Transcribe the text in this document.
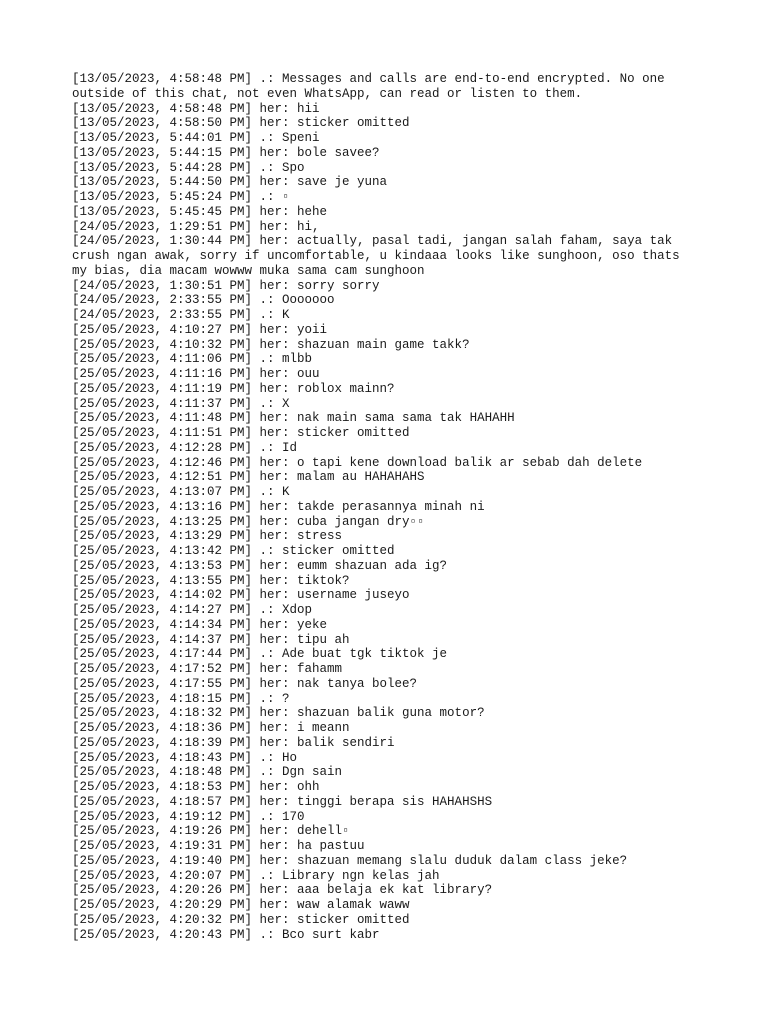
[13/05/2023, 4:58:48 PM] .: Messages and calls are end-to-end encrypted. No one outside of this chat, not even WhatsApp, can read or listen to them.
[13/05/2023, 4:58:48 PM] her: hii
[13/05/2023, 4:58:50 PM] her: sticker omitted
[13/05/2023, 5:44:01 PM] .: Speni
[13/05/2023, 5:44:15 PM] her: bole savee?
[13/05/2023, 5:44:28 PM] .: Spo
[13/05/2023, 5:44:50 PM] her: save je yuna
[13/05/2023, 5:45:24 PM] .: ▫
[13/05/2023, 5:45:45 PM] her: hehe
[24/05/2023, 1:29:51 PM] her: hi,
[24/05/2023, 1:30:44 PM] her: actually, pasal tadi, jangan salah faham, saya tak crush ngan awak, sorry if uncomfortable, u kindaaa looks like sunghoon, oso thats my bias, dia macam wowww muka sama cam sunghoon
[24/05/2023, 1:30:51 PM] her: sorry sorry
[24/05/2023, 2:33:55 PM] .: Ooooooo
[24/05/2023, 2:33:55 PM] .: K
[25/05/2023, 4:10:27 PM] her: yoii
[25/05/2023, 4:10:32 PM] her: shazuan main game takk?
[25/05/2023, 4:11:06 PM] .: mlbb
[25/05/2023, 4:11:16 PM] her: ouu
[25/05/2023, 4:11:19 PM] her: roblox mainn?
[25/05/2023, 4:11:37 PM] .: X
[25/05/2023, 4:11:48 PM] her: nak main sama sama tak HAHAHH
[25/05/2023, 4:11:51 PM] her: sticker omitted
[25/05/2023, 4:12:28 PM] .: Id
[25/05/2023, 4:12:46 PM] her: o tapi kene download balik ar sebab dah delete
[25/05/2023, 4:12:51 PM] her: malam au HAHAHAHS
[25/05/2023, 4:13:07 PM] .: K
[25/05/2023, 4:13:16 PM] her: takde perasannya minah ni
[25/05/2023, 4:13:25 PM] her: cuba jangan dry▫▫
[25/05/2023, 4:13:29 PM] her: stress
[25/05/2023, 4:13:42 PM] .: sticker omitted
[25/05/2023, 4:13:53 PM] her: eumm shazuan ada ig?
[25/05/2023, 4:13:55 PM] her: tiktok?
[25/05/2023, 4:14:02 PM] her: username juseyo
[25/05/2023, 4:14:27 PM] .: Xdop
[25/05/2023, 4:14:34 PM] her: yeke
[25/05/2023, 4:14:37 PM] her: tipu ah
[25/05/2023, 4:17:44 PM] .: Ade buat tgk tiktok je
[25/05/2023, 4:17:52 PM] her: fahamm
[25/05/2023, 4:17:55 PM] her: nak tanya bolee?
[25/05/2023, 4:18:15 PM] .: ?
[25/05/2023, 4:18:32 PM] her: shazuan balik guna motor?
[25/05/2023, 4:18:36 PM] her: i meann
[25/05/2023, 4:18:39 PM] her: balik sendiri
[25/05/2023, 4:18:43 PM] .: Ho
[25/05/2023, 4:18:48 PM] .: Dgn sain
[25/05/2023, 4:18:53 PM] her: ohh
[25/05/2023, 4:18:57 PM] her: tinggi berapa sis HAHAHSHS
[25/05/2023, 4:19:12 PM] .: 170
[25/05/2023, 4:19:26 PM] her: dehell▫
[25/05/2023, 4:19:31 PM] her: ha pastuu
[25/05/2023, 4:19:40 PM] her: shazuan memang slalu duduk dalam class jeke?
[25/05/2023, 4:20:07 PM] .: Library ngn kelas jah
[25/05/2023, 4:20:26 PM] her: aaa belaja ek kat library?
[25/05/2023, 4:20:29 PM] her: waw alamak waww
[25/05/2023, 4:20:32 PM] her: sticker omitted
[25/05/2023, 4:20:43 PM] .: Bco surt kabr
